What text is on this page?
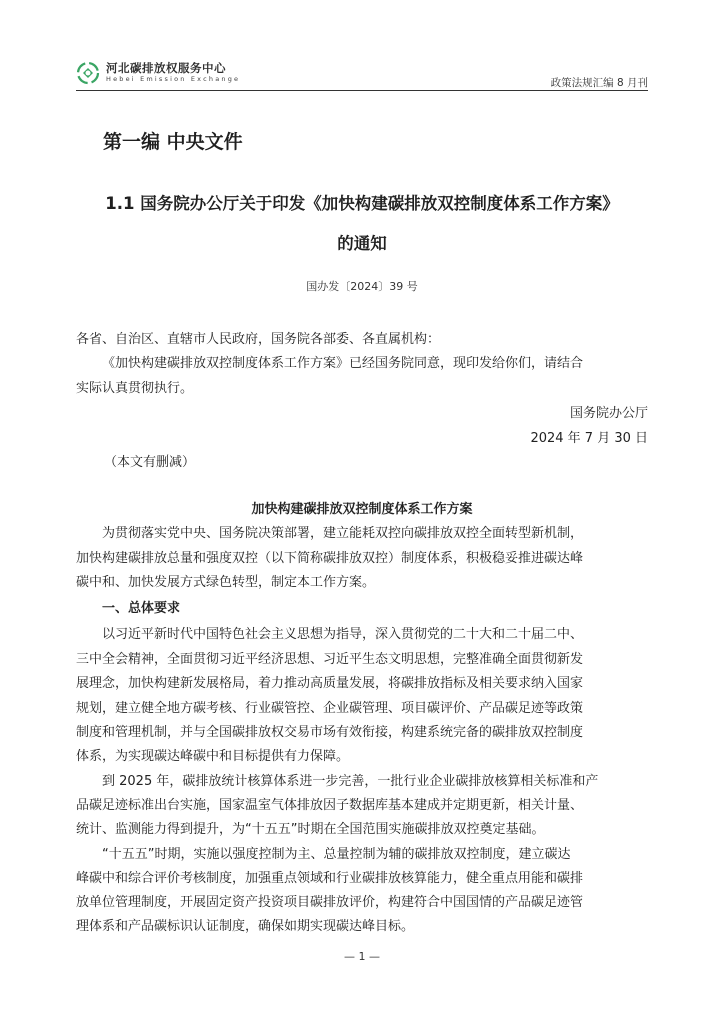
河北碳排放权服务中心
Hebei Emission Exchange	政策法规汇编 8 月刊
第一编 中央文件
1.1 国务院办公厅关于印发《加快构建碳排放双控制度体系工作方案》
的通知
国办发〔2024〕39 号
各省、自治区、直辖市人民政府，国务院各部委、各直属机构：
《加快构建碳排放双控制度体系工作方案》已经国务院同意，现印发给你们，请结合
实际认真贯彻执行。
国务院办公厅
2024 年 7 月 30 日
（本文有删减）
加快构建碳排放双控制度体系工作方案
为贯彻落实党中央、国务院决策部署，建立能耗双控向碳排放双控全面转型新机制，
加快构建碳排放总量和强度双控（以下简称碳排放双控）制度体系，积极稳妥推进碳达峰
碳中和、加快发展方式绿色转型，制定本工作方案。
一、总体要求
以习近平新时代中国特色社会主义思想为指导，深入贯彻党的二十大和二十届二中、
三中全会精神，全面贯彻习近平经济思想、习近平生态文明思想，完整准确全面贯彻新发
展理念，加快构建新发展格局，着力推动高质量发展，将碳排放指标及相关要求纳入国家
规划，建立健全地方碳考核、行业碳管控、企业碳管理、项目碳评价、产品碳足迹等政策
制度和管理机制，并与全国碳排放权交易市场有效衔接，构建系统完备的碳排放双控制度
体系，为实现碳达峰碳中和目标提供有力保障。
到 2025 年，碳排放统计核算体系进一步完善，一批行业企业碳排放核算相关标准和产
品碳足迹标准出台实施，国家温室气体排放因子数据库基本建成并定期更新，相关计量、
统计、监测能力得到提升，为“十五五”时期在全国范围实施碳排放双控奠定基础。
“十五五”时期，实施以强度控制为主、总量控制为辅的碳排放双控制度，建立碳达
峰碳中和综合评价考核制度，加强重点领域和行业碳排放核算能力，健全重点用能和碳排
放单位管理制度，开展固定资产投资项目碳排放评价，构建符合中国国情的产品碳足迹管
理体系和产品碳标识认证制度，确保如期实现碳达峰目标。
— 1 —
